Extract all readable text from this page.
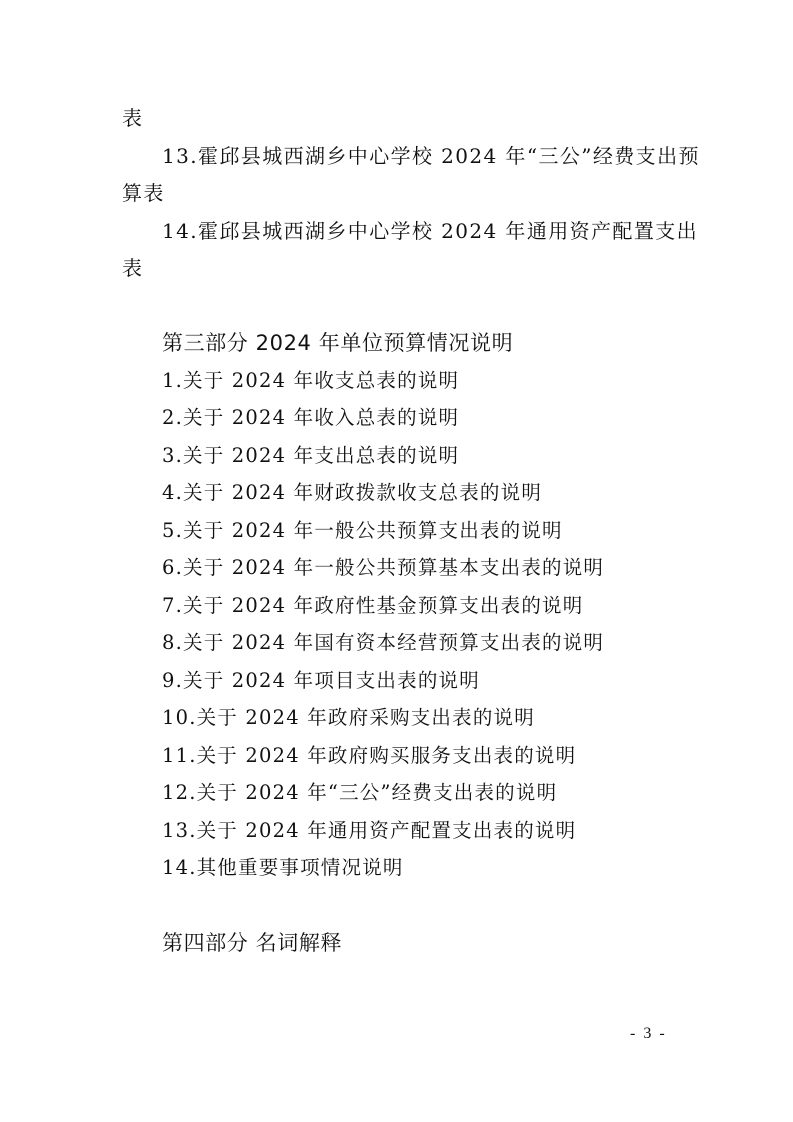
表
13.霍邱县城西湖乡中心学校 2024 年“三公”经费支出预
算表
14.霍邱县城西湖乡中心学校 2024 年通用资产配置支出
表
第三部分 2024 年单位预算情况说明
1.关于 2024 年收支总表的说明
2.关于 2024 年收入总表的说明
3.关于 2024 年支出总表的说明
4.关于 2024 年财政拨款收支总表的说明
5.关于 2024 年一般公共预算支出表的说明
6.关于 2024 年一般公共预算基本支出表的说明
7.关于 2024 年政府性基金预算支出表的说明
8.关于 2024 年国有资本经营预算支出表的说明
9.关于 2024 年项目支出表的说明
10.关于 2024 年政府采购支出表的说明
11.关于 2024 年政府购买服务支出表的说明
12.关于 2024 年“三公”经费支出表的说明
13.关于 2024 年通用资产配置支出表的说明
14.其他重要事项情况说明
第四部分 名词解释
- 3 -
